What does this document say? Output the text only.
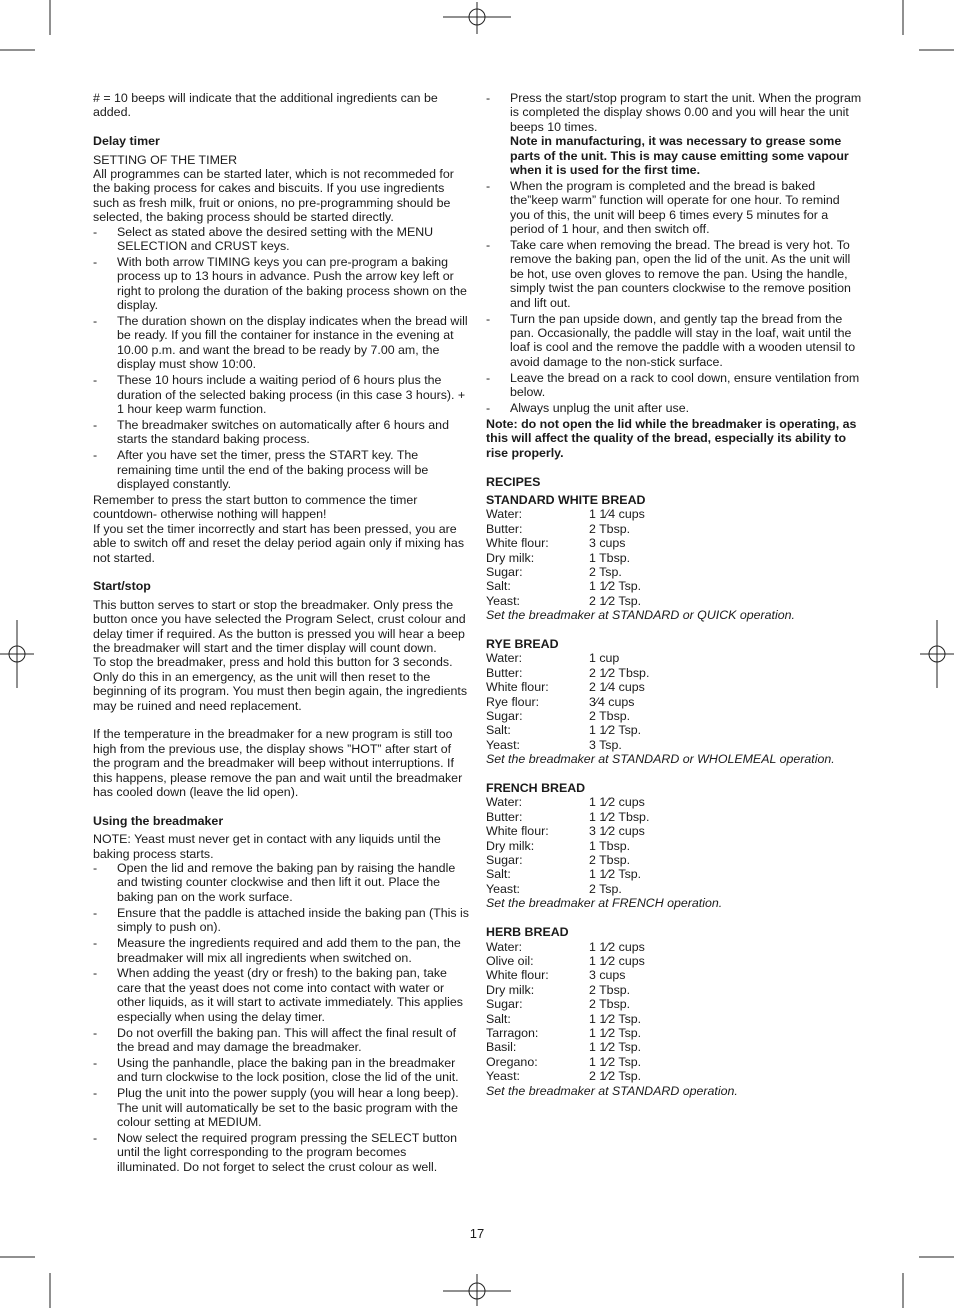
# = 10 beeps will indicate that the additional ingredients can be added.

Delay timer

SETTING OF THE TIMER

All programmes can be started later, which is not recommeded for the baking process for cakes and biscuits. If you use ingredients such as fresh milk, fruit or onions, no pre-programming should be selected, the baking process should be started directly.

- Select as stated above the desired setting with the MENU SELECTION and CRUST keys.
- With both arrow TIMING keys you can pre-program a baking process up to 13 hours in advance. Push the arrow key left or right to prolong the duration of the baking process shown on the display.
- The duration shown on the display indicates when the bread will be ready. If you fill the container for instance in the evening at 10.00 p.m. and want the bread to be ready by 7.00 am, the display must show 10:00.
- These 10 hours include a waiting period of 6 hours plus the duration of the selected baking process (in this case 3 hours). + 1 hour keep warm function.
- The breadmaker switches on automatically after 6 hours and starts the standard baking process.
- After you have set the timer, press the START key. The remaining time until the end of the baking process will be displayed constantly.

Remember to press the start button to commence the timer countdown- otherwise nothing will happen!

If you set the timer incorrectly and start has been pressed, you are able to switch off and reset the delay period again only if mixing has not started.

Start/stop

This button serves to start or stop the breadmaker. Only press the button once you have selected the Program Select, crust colour and delay timer if required. As the button is pressed you will hear a beep the breadmaker will start and the timer display will count down.

To stop the breadmaker, press and hold this button for 3 seconds. Only do this in an emergency, as the unit will then reset to the beginning of its program. You must then begin again, the ingredients may be ruined and need replacement.

If the temperature in the breadmaker for a new program is still too high from the previous use, the display shows ”HOT” after start of the program and the breadmaker will beep without interruptions. If this happens, please remove the pan and wait until the breadmaker has cooled down (leave the lid open).

Using the breadmaker

NOTE: Yeast must never get in contact with any liquids until the baking process starts.

- Open the lid and remove the baking pan by raising the handle and twisting counter clockwise and then lift it out. Place the baking pan on the work surface.
- Ensure that the paddle is attached inside the baking pan (This is simply to push on).
- Measure the ingredients required and add them to the pan, the breadmaker will mix all ingredients when switched on.
- When adding the yeast (dry or fresh) to the baking pan, take care that the yeast does not come into contact with water or other liquids, as it will start to activate immediately. This applies especially when using the delay timer.
- Do not overfill the baking pan. This will affect the final result of the bread and may damage the breadmaker.
- Using the panhandle, place the baking pan in the breadmaker and turn clockwise to the lock position, close the lid of the unit.
- Plug the unit into the power supply (you will hear a long beep). The unit will automatically be set to the basic program with the colour setting at MEDIUM.
- Now select the required program pressing the SELECT button until the light corresponding to the program becomes illuminated. Do not forget to select the crust colour as well.
- Press the start/stop program to start the unit. When the program is completed the display shows 0.00 and you will hear the unit beeps 10 times.

Note in manufacturing, it was necessary to grease some parts of the unit. This is may cause emitting some vapour when it is used for the first time.

- When the program is completed and the bread is baked the”keep warm” function will operate for one hour. To remind you of this, the unit will beep 6 times every 5 minutes for a period of 1 hour, and then switch off.
- Take care when removing the bread. The bread is very hot. To remove the baking pan, open the lid of the unit. As the unit will be hot, use oven gloves to remove the pan. Using the handle, simply twist the pan counters clockwise to the remove position and lift out.
- Turn the pan upside down, and gently tap the bread from the pan. Occasionally, the paddle will stay in the loaf, wait until the loaf is cool and the remove the paddle with a wooden utensil to avoid damage to the non-stick surface.
- Leave the bread on a rack to cool down, ensure ventilation from below.
- Always unplug the unit after use.

Note: do not open the lid while the breadmaker is operating, as this will affect the quality of the bread, especially its ability to rise properly.

RECIPES

STANDARD WHITE BREAD

Water:	1 1⁄4 cups
Butter:	2 Tbsp.
White flour:	3 cups
Dry milk:	1 Tbsp.
Sugar:	2 Tsp.
Salt:	1 1⁄2 Tsp.
Yeast:	2 1⁄2 Tsp.

Set the breadmaker at STANDARD or QUICK operation.

RYE BREAD

Water:	1 cup
Butter:	2 1⁄2 Tbsp.
White flour:	2 1⁄4 cups
Rye flour:	3⁄4 cups
Sugar:	2 Tbsp.
Salt:	1 1⁄2 Tsp.
Yeast:	3 Tsp.

Set the breadmaker at STANDARD or WHOLEMEAL operation.

FRENCH BREAD

Water:	1 1⁄2 cups
Butter:	1 1⁄2 Tbsp.
White flour:	3 1⁄2 cups
Dry milk:	1 Tbsp.
Sugar:	2 Tbsp.
Salt:	1 1⁄2 Tsp.
Yeast:	2 Tsp.

Set the breadmaker at FRENCH operation.

HERB BREAD

Water:	1 1⁄2 cups
Olive oil:	1 1⁄2 cups
White flour:	3 cups
Dry milk:	2 Tbsp.
Sugar:	2 Tbsp.
Salt:	1 1⁄2 Tsp.
Tarragon:	1 1⁄2 Tsp.
Basil:	1 1⁄2 Tsp.
Oregano:	1 1⁄2 Tsp.
Yeast:	2 1⁄2 Tsp.

Set the breadmaker at STANDARD operation.

17
